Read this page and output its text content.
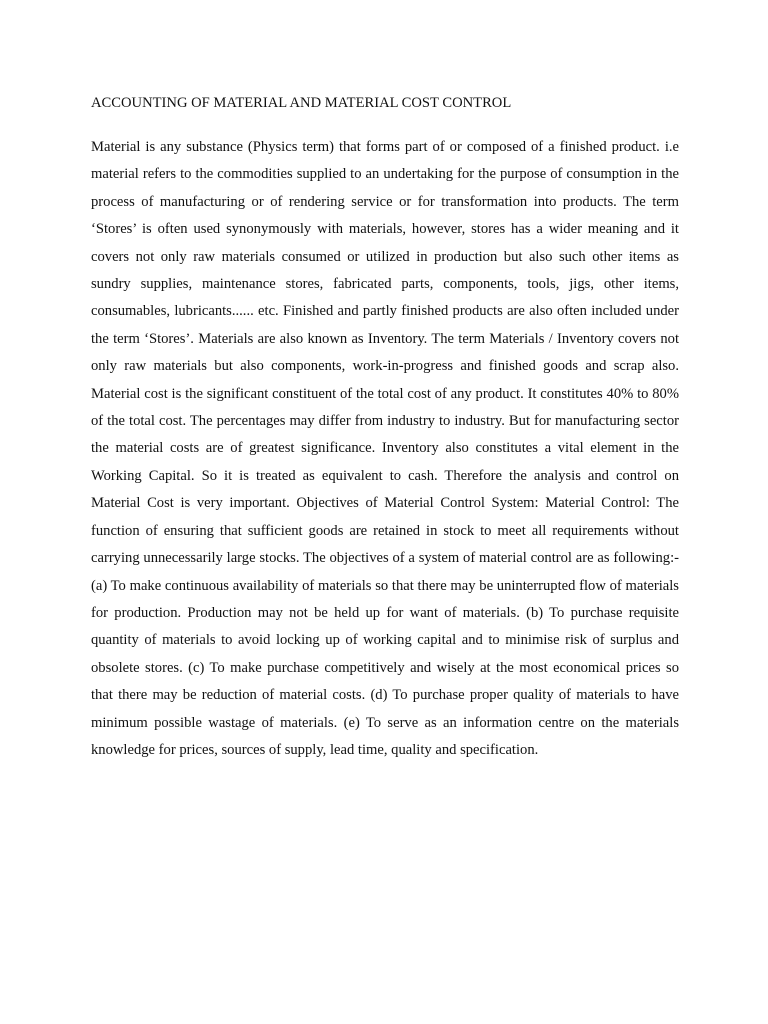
ACCOUNTING OF MATERIAL AND MATERIAL COST CONTROL

Material is any substance (Physics term) that forms part of or composed of a finished product. i.e material refers to the commodities supplied to an undertaking for the purpose of consumption in the process of manufacturing or of rendering service or for transformation into products. The term ‘Stores’ is often used synonymously with materials, however, stores has a wider meaning and it covers not only raw materials consumed or utilized in production but also such other items as sundry supplies, maintenance stores, fabricated parts, components, tools, jigs, other items, consumables, lubricants...... etc. Finished and partly finished products are also often included under the term ‘Stores’. Materials are also known as Inventory. The term Materials / Inventory covers not only raw materials but also components, work-in-progress and finished goods and scrap also. Material cost is the significant constituent of the total cost of any product. It constitutes 40% to 80% of the total cost. The percentages may differ from industry to industry. But for manufacturing sector the material costs are of greatest significance. Inventory also constitutes a vital element in the Working Capital. So it is treated as equivalent to cash. Therefore the analysis and control on Material Cost is very important. Objectives of Material Control System: Material Control: The function of ensuring that sufficient goods are retained in stock to meet all requirements without carrying unnecessarily large stocks. The objectives of a system of material control are as following:- (a) To make continuous availability of materials so that there may be uninterrupted flow of materials for production. Production may not be held up for want of materials. (b) To purchase requisite quantity of materials to avoid locking up of working capital and to minimise risk of surplus and obsolete stores. (c) To make purchase competitively and wisely at the most economical prices so that there may be reduction of material costs. (d) To purchase proper quality of materials to have minimum possible wastage of materials. (e) To serve as an information centre on the materials knowledge for prices, sources of supply, lead time, quality and specification.
